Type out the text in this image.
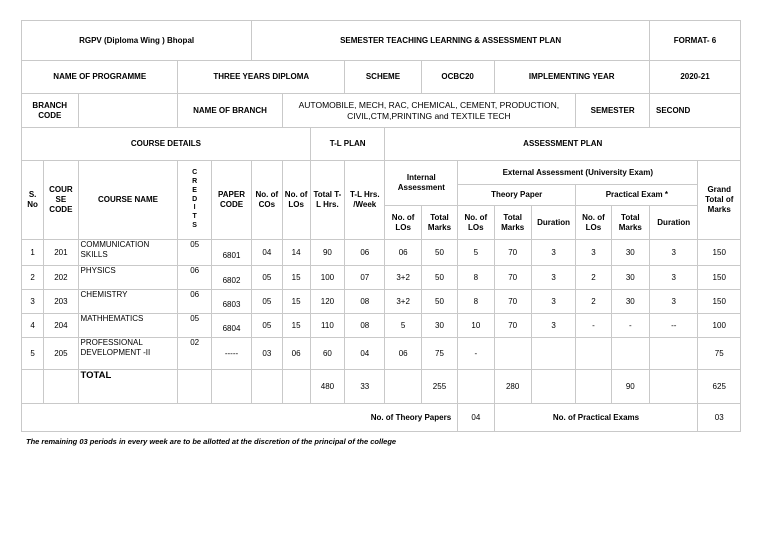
RGPV (Diploma Wing ) Bhopal					SEMESTER TEACHING LEARNING & ASSESSMENT PLAN											FORMAT- 6	
NAME OF PROGRAMME			THREE YEARS DIPLOMA					SCHEME		OCBC20		IMPLEMENTING YEAR				2020-21	
BRANCH CODE			NAME OF BRANCH			AUTOMOBILE, MECH, RAC, CHEMICAL, CEMENT, PRODUCTION, CIVIL,CTM,PRINTING and TEXTILE TECH								SEMESTER		SECOND	
COURSE DETAILS							T-L PLAN		ASSESSMENT PLAN								
S. No	COUR SE CODE	COURSE NAME	CREDITS	PAPER CODE	No. of COs	No. of LOs	Total T-L Hrs.	T-L Hrs. /Week	Internal Assessment		External Assessment (University Exam)						Grand Total of Marks
											Theory Paper			Practical Exam *			
									No. of LOs	Total Marks	No. of LOs	Total Marks	Duration	No. of LOs	Total Marks	Duration	
1	201	COMMUNICATION SKILLS	05	6801	04	14	90	06	06	50	5	70	3	3	30	3	150
2	202	PHYSICS	06	6802	05	15	100	07	3+2	50	8	70	3	2	30	3	150
3	203	CHEMISTRY	06	6803	05	15	120	08	3+2	50	8	70	3	2	30	3	150
4	204	MATHHEMATICS	05	6804	05	15	110	08	5	30	10	70	3	-	-	--	100
5	205	PROFESSIONAL DEVELOPMENT -II	02	-----	03	06	60	04	06	75	-						75
		TOTAL					480	33		255		280			90		625
No. of Theory Papers											04	No. of Practical Exams					03
The remaining 03 periods in every week are to be allotted at the discretion of the principal of the college
